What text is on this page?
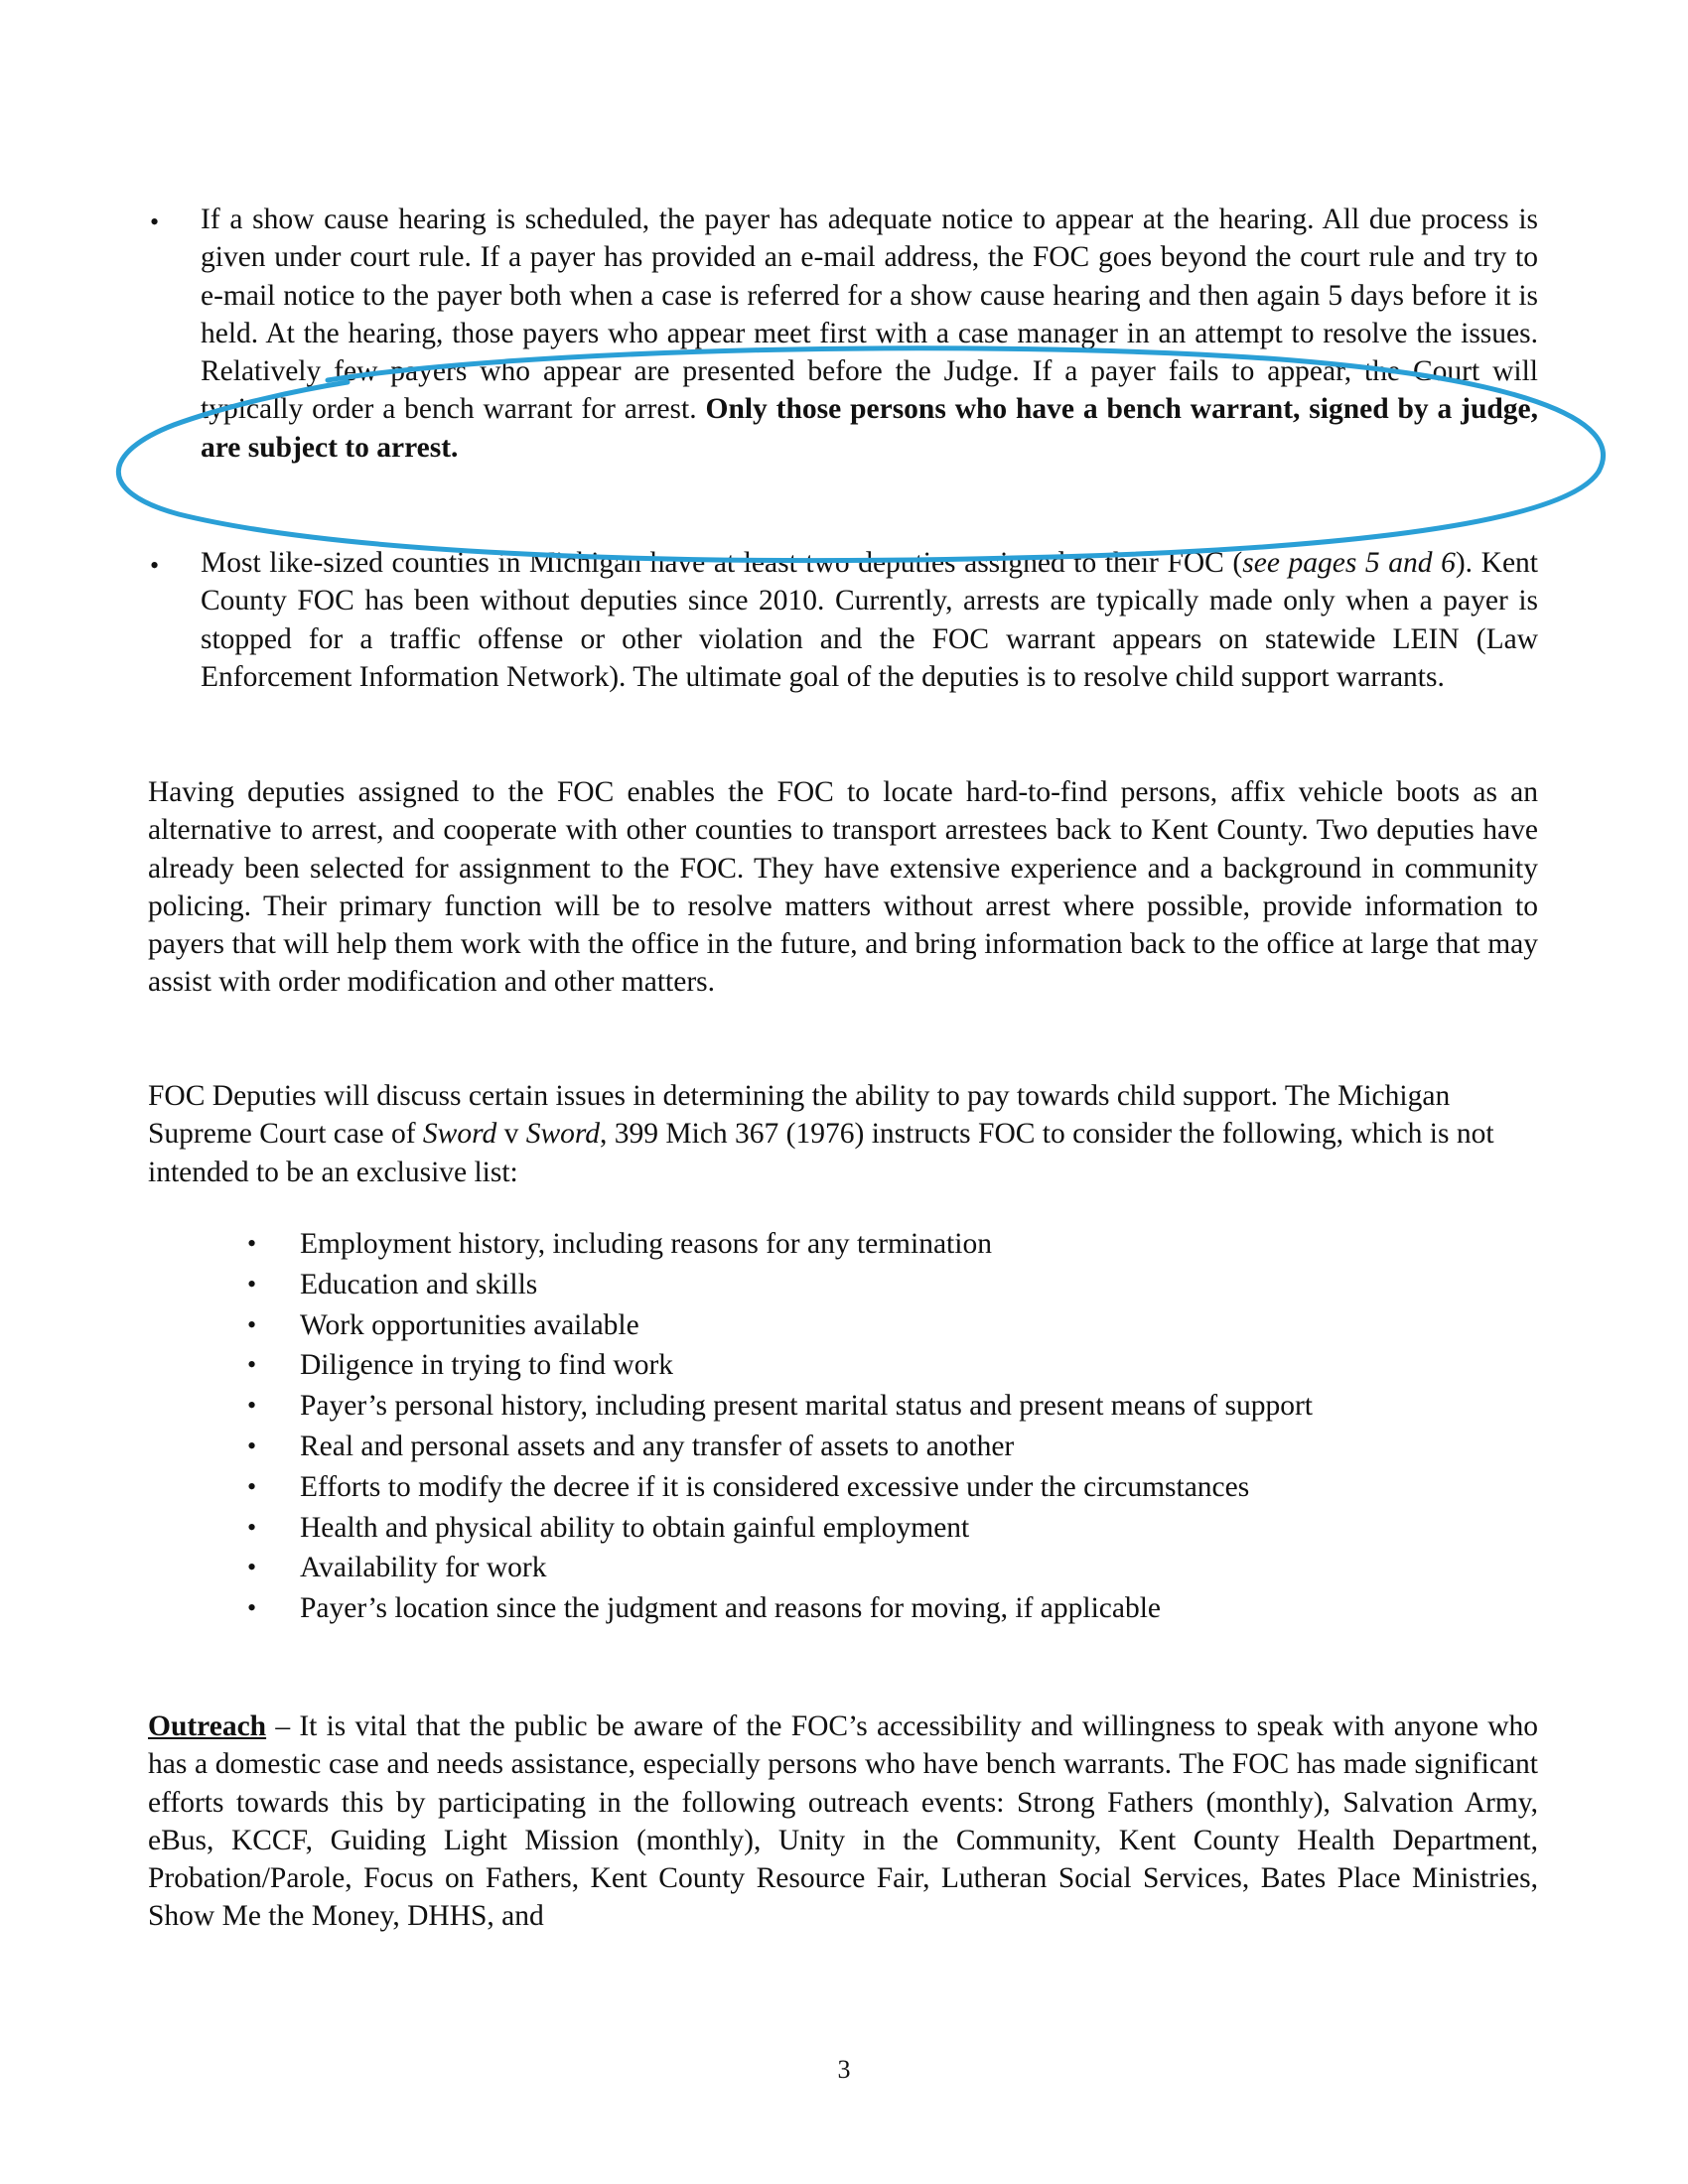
• If a show cause hearing is scheduled, the payer has adequate notice to appear at the hearing. All due process is given under court rule. If a payer has provided an e-mail address, the FOC goes beyond the court rule and try to e-mail notice to the payer both when a case is referred for a show cause hearing and then again 5 days before it is held. At the hearing, those payers who appear meet first with a case manager in an attempt to resolve the issues. Relatively few payers who appear are presented before the Judge. If a payer fails to appear, the Court will typically order a bench warrant for arrest. Only those persons who have a bench warrant, signed by a judge, are subject to arrest.
• Most like-sized counties in Michigan have at least two deputies assigned to their FOC (see pages 5 and 6). Kent County FOC has been without deputies since 2010. Currently, arrests are typically made only when a payer is stopped for a traffic offense or other violation and the FOC warrant appears on statewide LEIN (Law Enforcement Information Network). The ultimate goal of the deputies is to resolve child support warrants.
Having deputies assigned to the FOC enables the FOC to locate hard-to-find persons, affix vehicle boots as an alternative to arrest, and cooperate with other counties to transport arrestees back to Kent County. Two deputies have already been selected for assignment to the FOC. They have extensive experience and a background in community policing. Their primary function will be to resolve matters without arrest where possible, provide information to payers that will help them work with the office in the future, and bring information back to the office at large that may assist with order modification and other matters.
FOC Deputies will discuss certain issues in determining the ability to pay towards child support. The Michigan Supreme Court case of Sword v Sword, 399 Mich 367 (1976) instructs FOC to consider the following, which is not intended to be an exclusive list:
• Employment history, including reasons for any termination
• Education and skills
• Work opportunities available
• Diligence in trying to find work
• Payer’s personal history, including present marital status and present means of support
• Real and personal assets and any transfer of assets to another
• Efforts to modify the decree if it is considered excessive under the circumstances
• Health and physical ability to obtain gainful employment
• Availability for work
• Payer’s location since the judgment and reasons for moving, if applicable
Outreach – It is vital that the public be aware of the FOC’s accessibility and willingness to speak with anyone who has a domestic case and needs assistance, especially persons who have bench warrants. The FOC has made significant efforts towards this by participating in the following outreach events: Strong Fathers (monthly), Salvation Army, eBus, KCCF, Guiding Light Mission (monthly), Unity in the Community, Kent County Health Department, Probation/Parole, Focus on Fathers, Kent County Resource Fair, Lutheran Social Services, Bates Place Ministries, Show Me the Money, DHHS, and
3
